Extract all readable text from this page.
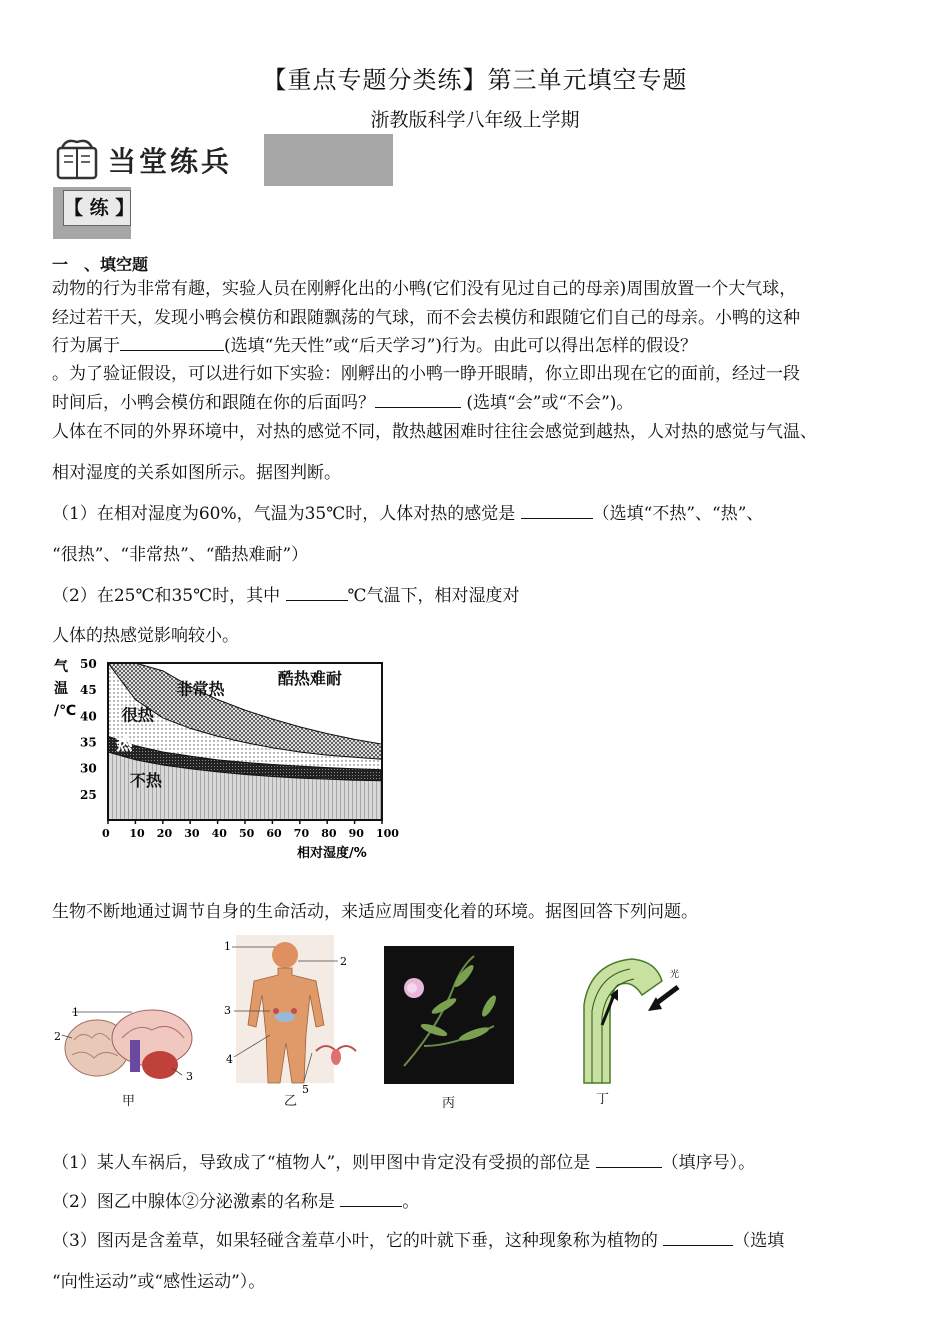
【重点专题分类练】第三单元填空专题
浙教版科学八年级上学期
当堂练兵
【 练 】
一　、填空题
动物的行为非常有趣，实验人员在刚孵化出的小鸭(它们没有见过自己的母亲)周围放置一个大气球，
经过若干天，发现小鸭会模仿和跟随飘荡的气球，而不会去模仿和跟随它们自己的母亲。小鸭的这种
行为属于	(选填“先天性”或“后天学习”)行为。由此可以得出怎样的假设？
。为了验证假设，可以进行如下实验：刚孵出的小鸭一睁开眼睛，你立即出现在它的面前，经过一段
时间后，小鸭会模仿和跟随在你的后面吗？	(选填“会”或“不会”)。
人体在不同的外界环境中，对热的感觉不同，散热越困难时往往会感觉到越热，人对热的感觉与气温、
相对湿度的关系如图所示。据图判断。
（1）在相对湿度为60%，气温为35℃时，人体对热的感觉是	（选填“不热”、“热”、
“很热”、“非常热”、“酷热难耐”）
（2）在25℃和35℃时，其中	℃气温下，相对湿度对
人体的热感觉影响较小。
气温/℃
不热
热
很热
非常热
酷热难耐
50
45
40
35
30
25
0 10 20 30 40 50 60 70 80 90 100
相对湿度/%
生物不断地通过调节自身的生命活动，来适应周围变化着的环境。据图回答下列问题。
1
2
3
甲
1
2
3
4
5
乙	丙
光
丁
（1）某人车祸后，导致成了“植物人”，则甲图中肯定没有受损的部位是	（填序号）。
（2）图乙中腺体②分泌激素的名称是	。
（3）图丙是含羞草，如果轻碰含羞草小叶，它的叶就下垂，这种现象称为植物的	（选填
“向性运动”或“感性运动”）。
